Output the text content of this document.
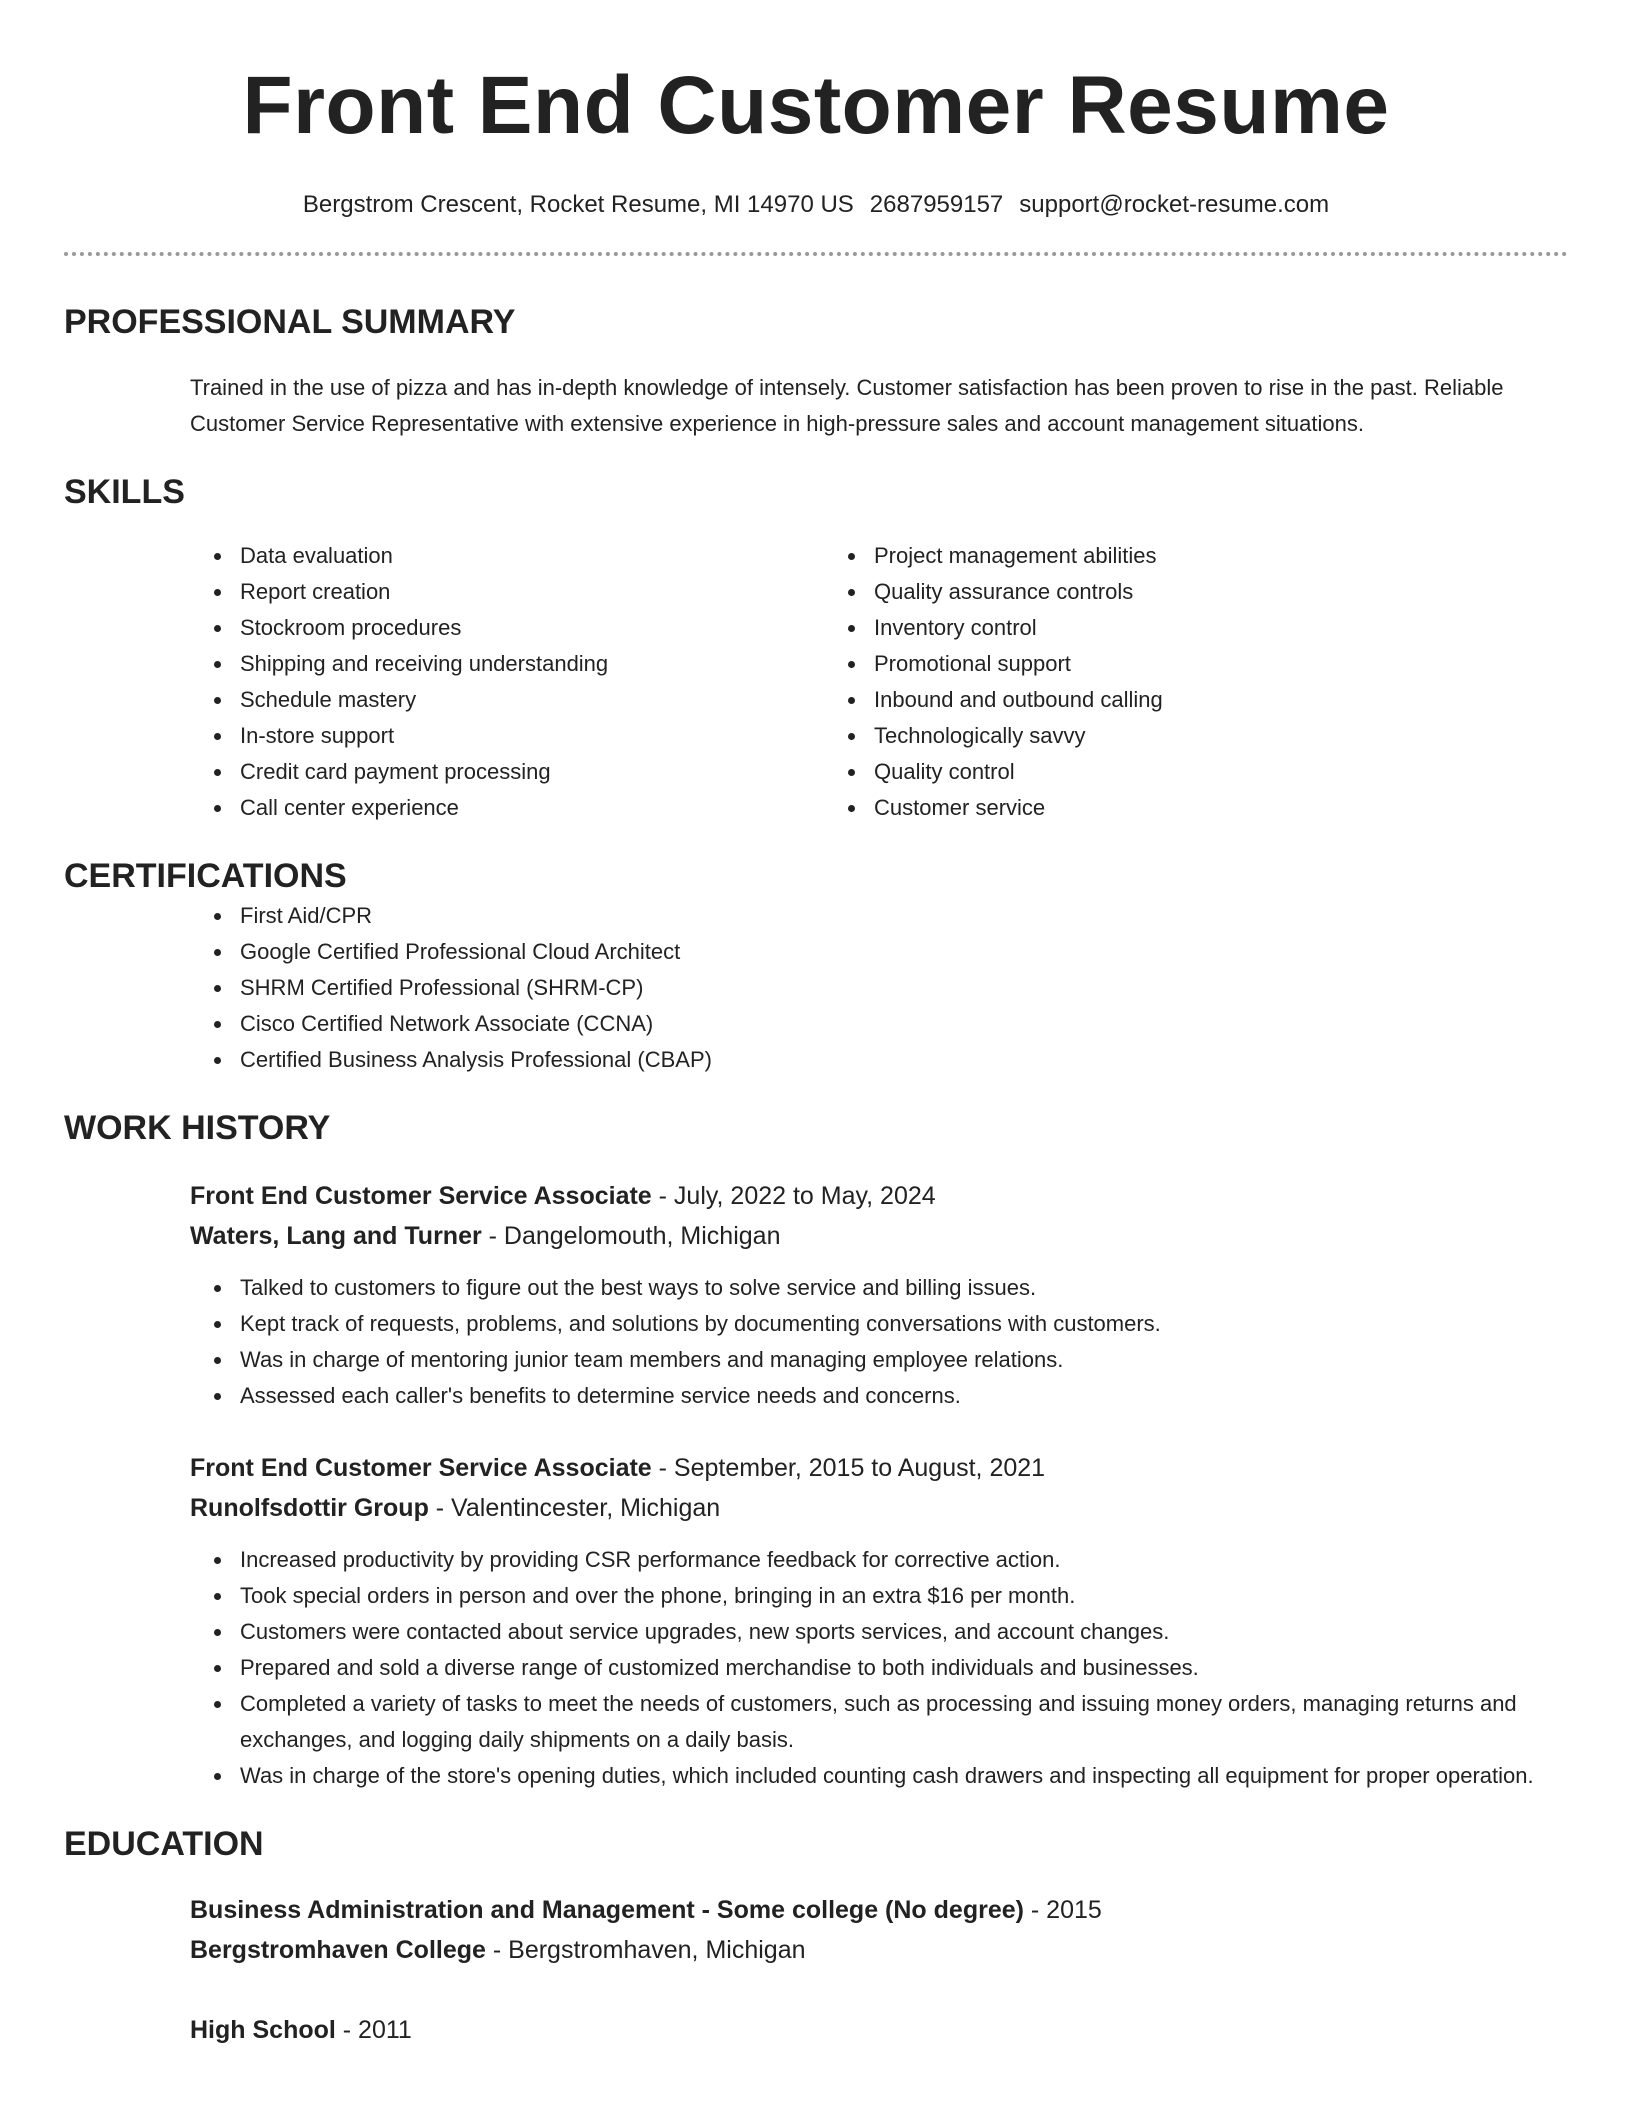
Front End Customer Resume
Bergstrom Crescent, Rocket Resume, MI 14970 US 2687959157 support@rocket-resume.com
PROFESSIONAL SUMMARY

Trained in the use of pizza and has in-depth knowledge of intensely. Customer satisfaction has been proven to rise in the past. Reliable Customer Service Representative with extensive experience in high-pressure sales and account management situations.

SKILLS
• Data evaluation
• Report creation
• Stockroom procedures
• Shipping and receiving understanding
• Schedule mastery
• In-store support
• Credit card payment processing
• Call center experience
• Project management abilities
• Quality assurance controls
• Inventory control
• Promotional support
• Inbound and outbound calling
• Technologically savvy
• Quality control
• Customer service
CERTIFICATIONS
• First Aid/CPR
• Google Certified Professional Cloud Architect
• SHRM Certified Professional (SHRM-CP)
• Cisco Certified Network Associate (CCNA)
• Certified Business Analysis Professional (CBAP)
WORK HISTORY
Front End Customer Service Associate - July, 2022 to May, 2024
Waters, Lang and Turner - Dangelomouth, Michigan
• Talked to customers to figure out the best ways to solve service and billing issues.
• Kept track of requests, problems, and solutions by documenting conversations with customers.
• Was in charge of mentoring junior team members and managing employee relations.
• Assessed each caller's benefits to determine service needs and concerns.
Front End Customer Service Associate - September, 2015 to August, 2021
Runolfsdottir Group - Valentincester, Michigan
• Increased productivity by providing CSR performance feedback for corrective action.
• Took special orders in person and over the phone, bringing in an extra $16 per month.
• Customers were contacted about service upgrades, new sports services, and account changes.
• Prepared and sold a diverse range of customized merchandise to both individuals and businesses.
• Completed a variety of tasks to meet the needs of customers, such as processing and issuing money orders, managing returns and exchanges, and logging daily shipments on a daily basis.
• Was in charge of the store's opening duties, which included counting cash drawers and inspecting all equipment for proper operation.
EDUCATION
Business Administration and Management - Some college (No degree) - 2015
Bergstromhaven College - Bergstromhaven, Michigan
High School - 2011
